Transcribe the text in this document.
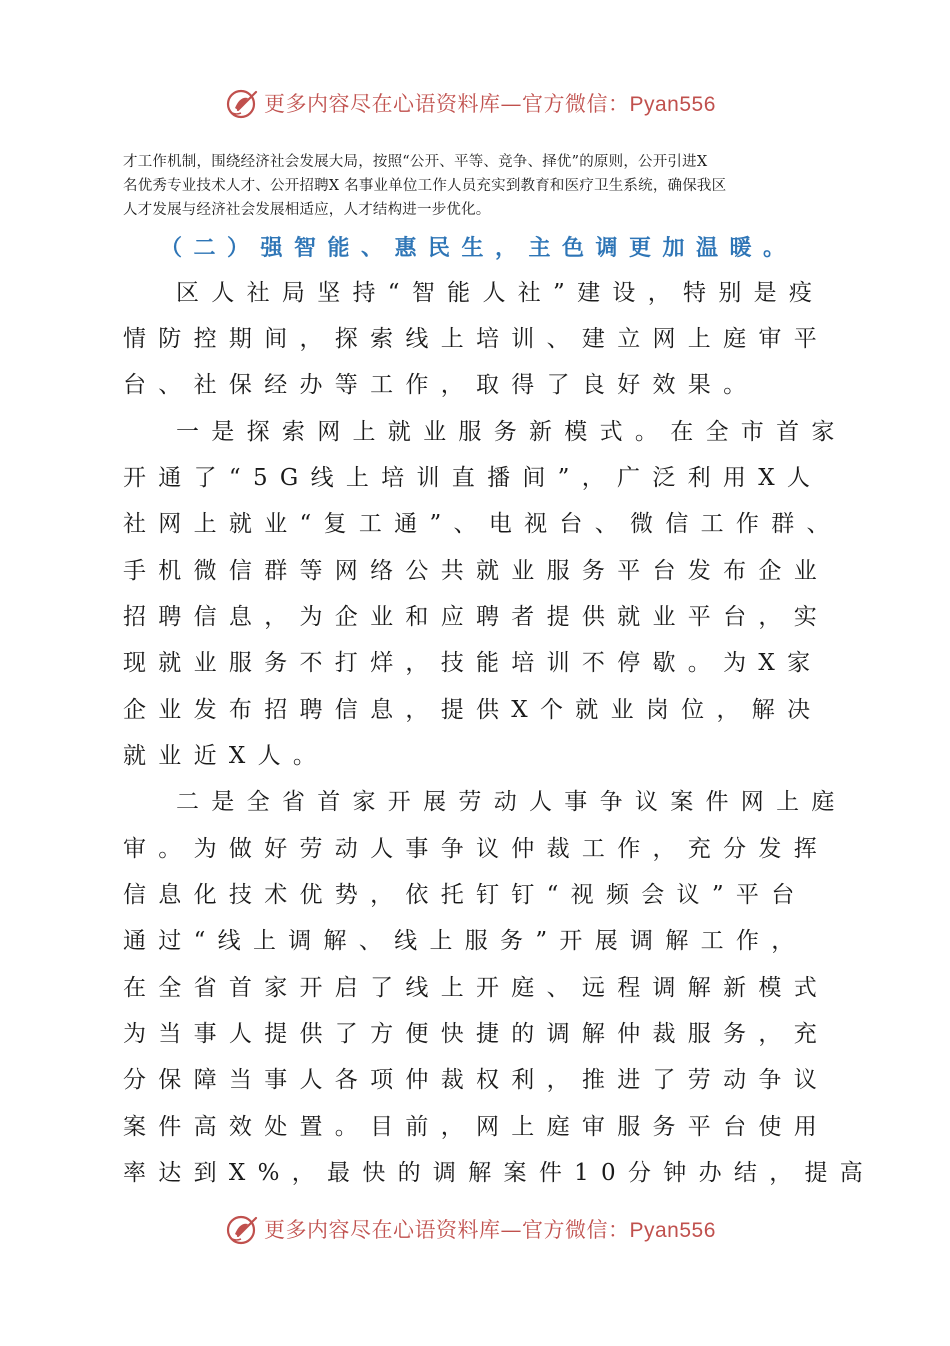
更多内容尽在心语资料库—官方微信：Pyan556
才工作机制，围绕经济社会发展大局，按照“公开、平等、竞争、择优”的原则，公开引进X
名优秀专业技术人才、公开招聘X 名事业单位工作人员充实到教育和医疗卫生系统，确保我区
人才发展与经济社会发展相适应，人才结构进一步优化。
（二）强智能、惠民生，主色调更加温暖。
区人社局坚持“智能人社”建设，特别是疫
情防控期间，探索线上培训、建立网上庭审平
台、社保经办等工作，取得了良好效果。
一是探索网上就业服务新模式。在全市首家
开通了“5G线上培训直播间”，广泛利用X人
社网上就业“复工通”、电视台、微信工作群、
手机微信群等网络公共就业服务平台发布企业
招聘信息，为企业和应聘者提供就业平台，实
现就业服务不打烊，技能培训不停歇。为X家
企业发布招聘信息，提供X个就业岗位，解决
就业近X人。
二是全省首家开展劳动人事争议案件网上庭
审。为做好劳动人事争议仲裁工作，充分发挥
信息化技术优势，依托钉钉“视频会议”平台
通过“线上调解、线上服务”开展调解工作，
在全省首家开启了线上开庭、远程调解新模式
为当事人提供了方便快捷的调解仲裁服务，充
分保障当事人各项仲裁权利，推进了劳动争议
案件高效处置。目前，网上庭审服务平台使用
率达到X%，最快的调解案件10分钟办结，提高
更多内容尽在心语资料库—官方微信：Pyan556
